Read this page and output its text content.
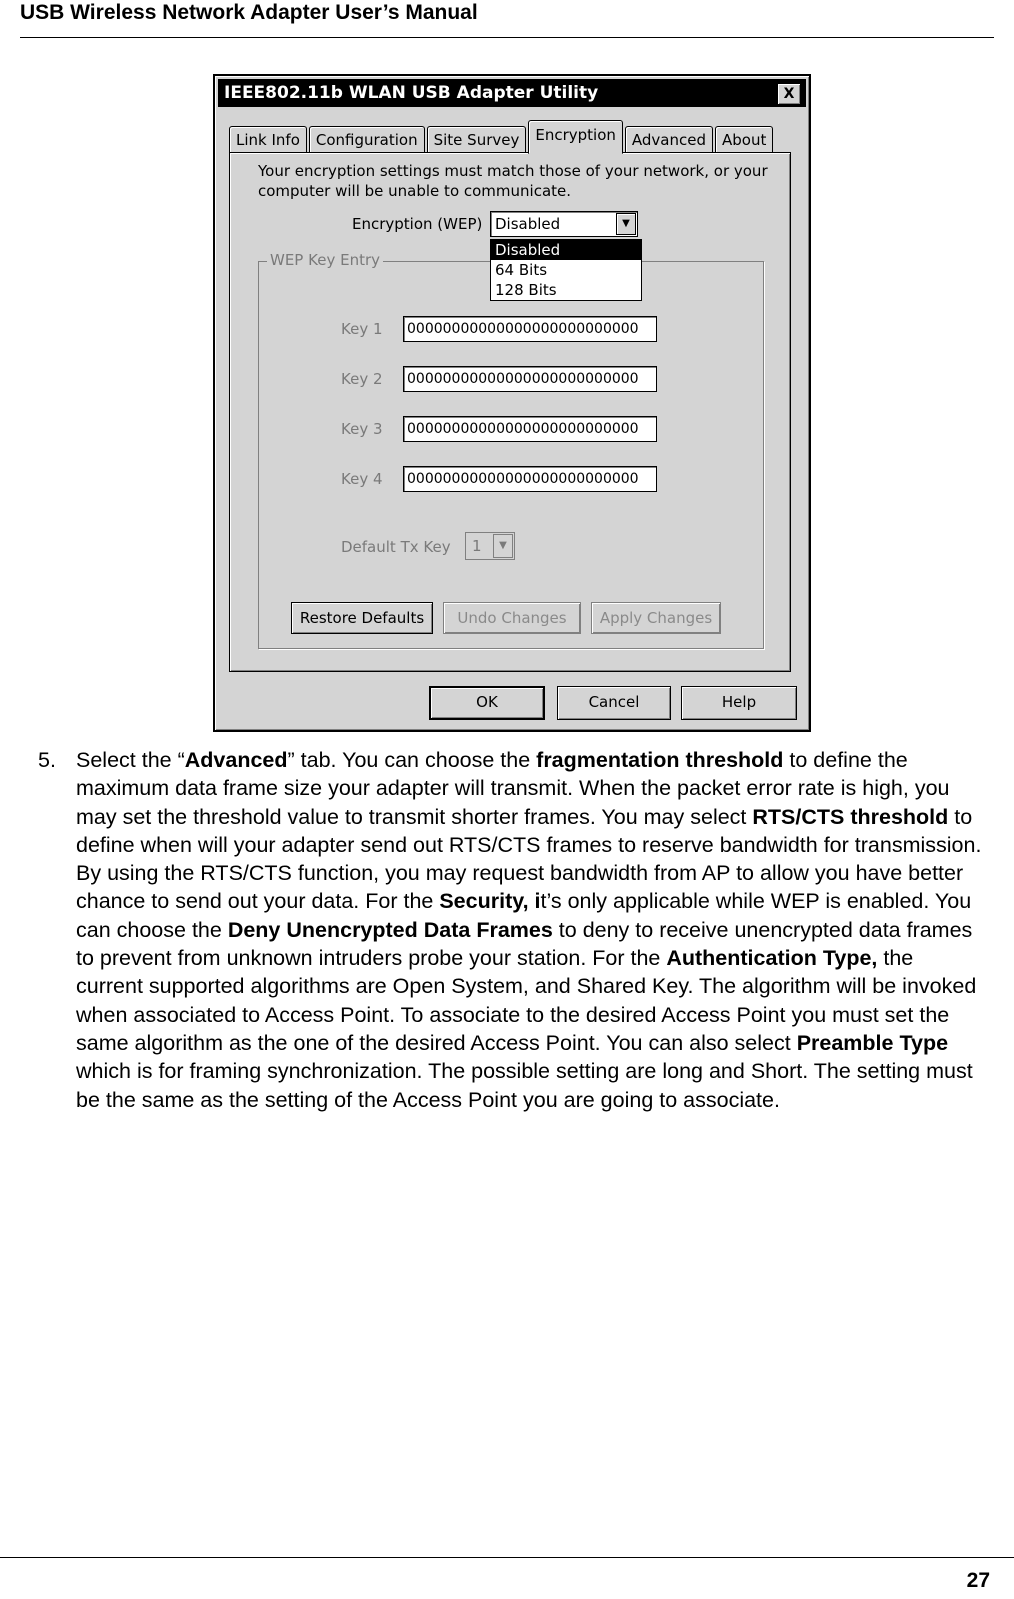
USB Wireless Network Adapter User’s Manual
IEEE802.11b WLAN USB Adapter Utility	X
Link Info	Configuration	Site Survey	Encryption	Advanced	About
Your encryption settings must match those of your network, or your computer will be unable to communicate.
Encryption (WEP) Disabled	▼
Disabled
64 Bits
128 Bits
WEP Key Entry
Key 1 00000000000000000000000000
Key 2 00000000000000000000000000
Key 3 00000000000000000000000000
Key 4 00000000000000000000000000
Default Tx Key	1	▼
Restore Defaults	Undo Changes	Apply Changes
OK	Cancel	Help
5. Select the “Advanced” tab. You can choose the fragmentation threshold to define the maximum data frame size your adapter will transmit. When the packet error rate is high, you may set the threshold value to transmit shorter frames. You may select RTS/CTS threshold to define when will your adapter send out RTS/CTS frames to reserve bandwidth for transmission. By using the RTS/CTS function, you may request bandwidth from AP to allow you have better chance to send out your data. For the Security, it’s only applicable while WEP is enabled. You can choose the Deny Unencrypted Data Frames to deny to receive unencrypted data frames to prevent from unknown intruders probe your station. For the Authentication Type, the current supported algorithms are Open System, and Shared Key. The algorithm will be invoked when associated to Access Point. To associate to the desired Access Point you must set the same algorithm as the one of the desired Access Point. You can also select Preamble Type which is for framing synchronization. The possible setting are long and Short. The setting must be the same as the setting of the Access Point you are going to associate.
27
